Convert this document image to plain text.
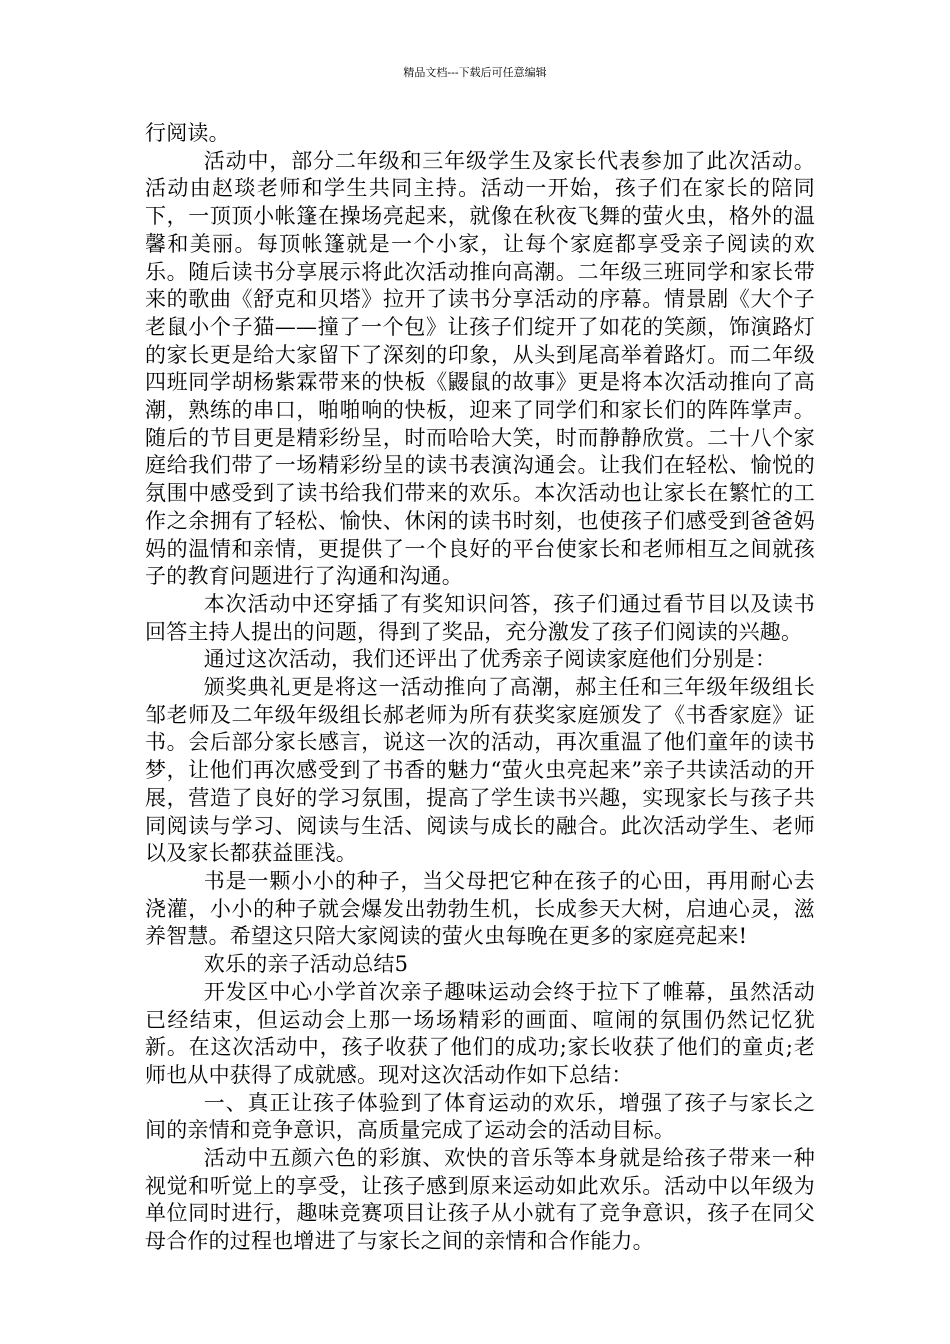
精品文档---下载后可任意编辑

行阅读。

活动中，部分二年级和三年级学生及家长代表参加了此次活动。活动由赵琰老师和学生共同主持。活动一开始，孩子们在家长的陪同下，一顶顶小帐篷在操场亮起来，就像在秋夜飞舞的萤火虫，格外的温馨和美丽。每顶帐篷就是一个小家，让每个家庭都享受亲子阅读的欢乐。随后读书分享展示将此次活动推向高潮。二年级三班同学和家长带来的歌曲《舒克和贝塔》拉开了读书分享活动的序幕。情景剧《大个子老鼠小个子猫——撞了一个包》让孩子们绽开了如花的笑颜，饰演路灯的家长更是给大家留下了深刻的印象，从头到尾高举着路灯。而二年级四班同学胡杨紫霖带来的快板《鼹鼠的故事》更是将本次活动推向了高潮，熟练的串口，啪啪响的快板，迎来了同学们和家长们的阵阵掌声。随后的节目更是精彩纷呈，时而哈哈大笑，时而静静欣赏。二十八个家庭给我们带了一场精彩纷呈的读书表演沟通会。让我们在轻松、愉悦的氛围中感受到了读书给我们带来的欢乐。本次活动也让家长在繁忙的工作之余拥有了轻松、愉快、休闲的读书时刻，也使孩子们感受到爸爸妈妈的温情和亲情，更提供了一个良好的平台使家长和老师相互之间就孩子的教育问题进行了沟通和沟通。

本次活动中还穿插了有奖知识问答，孩子们通过看节目以及读书回答主持人提出的问题，得到了奖品，充分激发了孩子们阅读的兴趣。

通过这次活动，我们还评出了优秀亲子阅读家庭他们分别是：

颁奖典礼更是将这一活动推向了高潮，郝主任和三年级年级组长邹老师及二年级年级组长郝老师为所有获奖家庭颁发了《书香家庭》证书。会后部分家长感言，说这一次的活动，再次重温了他们童年的读书梦，让他们再次感受到了书香的魅力“萤火虫亮起来”亲子共读活动的开展，营造了良好的学习氛围，提高了学生读书兴趣，实现家长与孩子共同阅读与学习、阅读与生活、阅读与成长的融合。此次活动学生、老师以及家长都获益匪浅。

书是一颗小小的种子，当父母把它种在孩子的心田，再用耐心去浇灌，小小的种子就会爆发出勃勃生机，长成参天大树，启迪心灵，滋养智慧。希望这只陪大家阅读的萤火虫每晚在更多的家庭亮起来!

欢乐的亲子活动总结5

开发区中心小学首次亲子趣味运动会终于拉下了帷幕，虽然活动已经结束，但运动会上那一场场精彩的画面、喧闹的氛围仍然记忆犹新。在这次活动中，孩子收获了他们的成功;家长收获了他们的童贞;老师也从中获得了成就感。现对这次活动作如下总结：

一、真正让孩子体验到了体育运动的欢乐，增强了孩子与家长之间的亲情和竞争意识，高质量完成了运动会的活动目标。

活动中五颜六色的彩旗、欢快的音乐等本身就是给孩子带来一种视觉和听觉上的享受，让孩子感到原来运动如此欢乐。活动中以年级为单位同时进行，趣味竞赛项目让孩子从小就有了竞争意识，孩子在同父母合作的过程也增进了与家长之间的亲情和合作能力。
